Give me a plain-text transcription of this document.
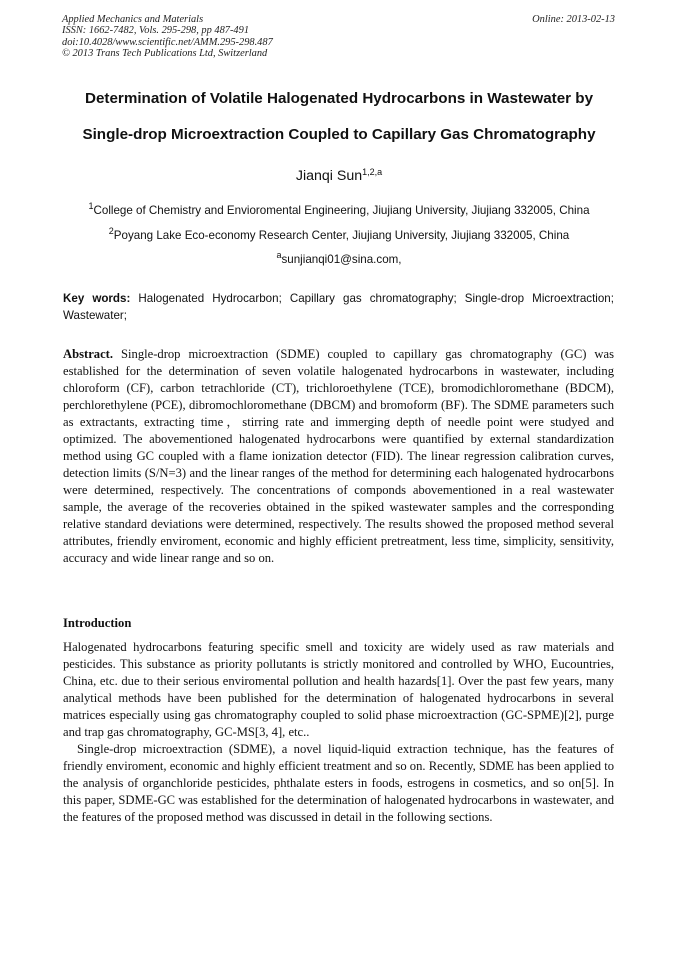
Applied Mechanics and Materials
ISSN: 1662-7482, Vols. 295-298, pp 487-491
doi:10.4028/www.scientific.net/AMM.295-298.487
© 2013 Trans Tech Publications Ltd, Switzerland
Online: 2013-02-13
Determination of Volatile Halogenated Hydrocarbons in Wastewater by
Single-drop Microextraction Coupled to Capillary Gas Chromatography
Jianqi Sun$^{1,2,a}$
$^1$College of Chemistry and Envioromental Engineering, Jiujiang University, Jiujiang 332005, China
$^2$Poyang Lake Eco-economy Research Center, Jiujiang University, Jiujiang 332005, China
$^a$sunjianqi01@sina.com,
Key words: Halogenated Hydrocarbon; Capillary gas chromatography; Single-drop Microextraction; Wastewater;
Abstract. Single-drop microextraction (SDME) coupled to capillary gas chromatography (GC) was established for the determination of seven volatile halogenated hydrocarbons in wastewater, including chloroform (CF), carbon tetrachloride (CT), trichloroethylene (TCE), bromodichloromethane (BDCM), perchlorethylene (PCE), dibromochloromethane (DBCM) and bromoform (BF). The SDME parameters such as extractants, extracting time，stirring rate and immerging depth of needle point were studyed and optimized. The abovementioned halogenated hydrocarbons were quantified by external standardization method using GC coupled with a flame ionization detector (FID). The linear regression calibration curves, detection limits (S/N=3) and the linear ranges of the method for determining each halogenated hydrocarbons were determined, respectively. The concentrations of componds abovementioned in a real wastewater sample, the average of the recoveries obtained in the spiked wastewater samples and the corresponding relative standard deviations were determined, respectively. The results showed the proposed method several attributes, friendly enviroment, economic and highly efficient pretreatment, less time, simplicity, sensitivity, accuracy and wide linear range and so on.
Introduction

Halogenated hydrocarbons featuring specific smell and toxicity are widely used as raw materials and pesticides. This substance as priority pollutants is strictly monitored and controlled by WHO, Eucountries, China, etc. due to their serious enviromental pollution and health hazards[1]. Over the past few years, many analytical methods have been published for the determination of halogenated hydrocarbons in several matrices especially using gas chromatography coupled to solid phase microextraction (GC-SPME)[2], purge and trap gas chromatography, GC-MS[3, 4], etc..

Single-drop microextraction (SDME), a novel liquid-liquid extraction technique, has the features of friendly enviroment, economic and highly efficient treatment and so on. Recently, SDME has been applied to the analysis of organchloride pesticides, phthalate esters in foods, estrogens in cosmetics, and so on[5]. In this paper, SDME-GC was established for the determination of halogenated hydrocarbons in wastewater, and the features of the proposed method was discussed in detail in the following sections.
